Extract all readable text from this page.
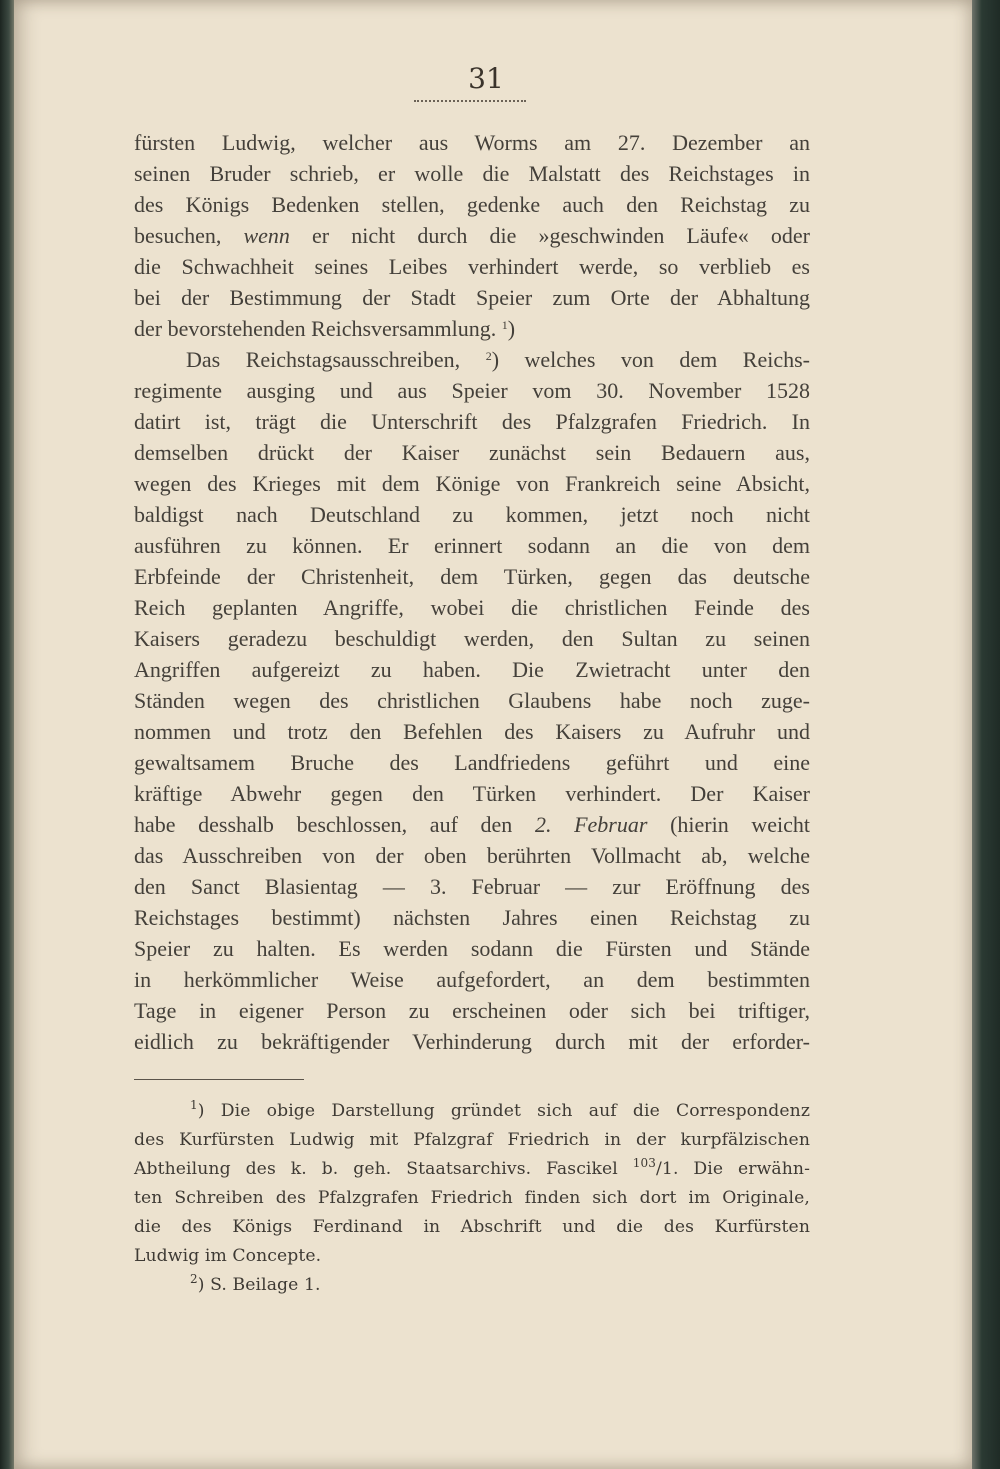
31
fürsten Ludwig, welcher aus Worms am 27. Dezember an
seinen Bruder schrieb, er wolle die Malstatt des Reichstages in
des Königs Bedenken stellen, gedenke auch den Reichstag zu
besuchen, wenn er nicht durch die »geschwinden Läufe« oder
die Schwachheit seines Leibes verhindert werde, so verblieb es
bei der Bestimmung der Stadt Speier zum Orte der Abhaltung
der bevorstehenden Reichsversammlung. $^1$)
Das Reichstagsausschreiben, $^2$) welches von dem Reichs-
regimente ausging und aus Speier vom 30. November 1528
datirt ist, trägt die Unterschrift des Pfalzgrafen Friedrich. In
demselben drückt der Kaiser zunächst sein Bedauern aus,
wegen des Krieges mit dem Könige von Frankreich seine Absicht,
baldigst nach Deutschland zu kommen, jetzt noch nicht
ausführen zu können. Er erinnert sodann an die von dem
Erbfeinde der Christenheit, dem Türken, gegen das deutsche
Reich geplanten Angriffe, wobei die christlichen Feinde des
Kaisers geradezu beschuldigt werden, den Sultan zu seinen
Angriffen aufgereizt zu haben. Die Zwietracht unter den
Ständen wegen des christlichen Glaubens habe noch zuge-
nommen und trotz den Befehlen des Kaisers zu Aufruhr und
gewaltsamem Bruche des Landfriedens geführt und eine
kräftige Abwehr gegen den Türken verhindert. Der Kaiser
habe desshalb beschlossen, auf den 2. Februar (hierin weicht
das Ausschreiben von der oben berührten Vollmacht ab, welche
den Sanct Blasientag — 3. Februar — zur Eröffnung des
Reichstages bestimmt) nächsten Jahres einen Reichstag zu
Speier zu halten. Es werden sodann die Fürsten und Stände
in herkömmlicher Weise aufgefordert, an dem bestimmten
Tage in eigener Person zu erscheinen oder sich bei triftiger,
eidlich zu bekräftigender Verhinderung durch mit der erforder-
$^1$) Die obige Darstellung gründet sich auf die Correspondenz
des Kurfürsten Ludwig mit Pfalzgraf Friedrich in der kurpfälzischen
Abtheilung des k. b. geh. Staatsarchivs. Fascikel $^{103}$/1. Die erwähn-
ten Schreiben des Pfalzgrafen Friedrich finden sich dort im Originale,
die des Königs Ferdinand in Abschrift und die des Kurfürsten
Ludwig im Concepte.
$^2$) S. Beilage 1.
